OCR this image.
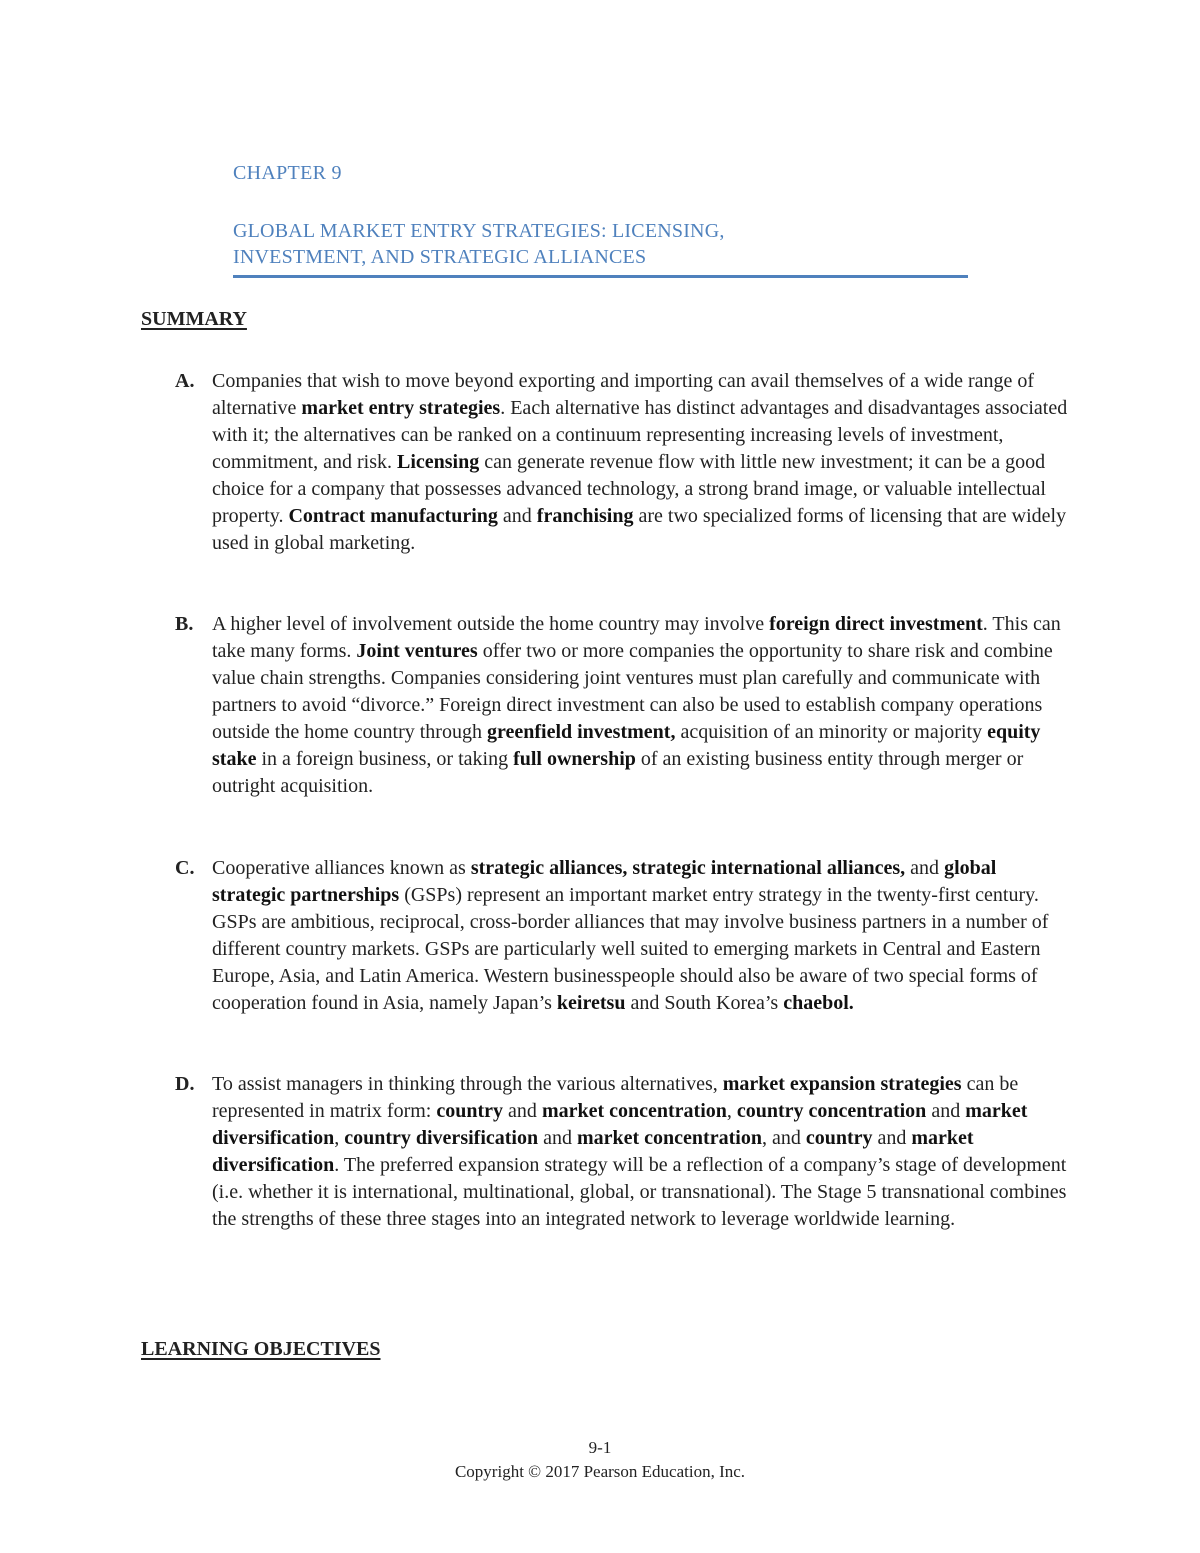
CHAPTER 9
GLOBAL MARKET ENTRY STRATEGIES: LICENSING,
INVESTMENT, AND STRATEGIC ALLIANCES
SUMMARY
A. Companies that wish to move beyond exporting and importing can avail themselves of a wide range of alternative market entry strategies. Each alternative has distinct advantages and disadvantages associated with it; the alternatives can be ranked on a continuum representing increasing levels of investment, commitment, and risk. Licensing can generate revenue flow with little new investment; it can be a good choice for a company that possesses advanced technology, a strong brand image, or valuable intellectual property. Contract manufacturing and franchising are two specialized forms of licensing that are widely used in global marketing.
B. A higher level of involvement outside the home country may involve foreign direct investment. This can take many forms. Joint ventures offer two or more companies the opportunity to share risk and combine value chain strengths. Companies considering joint ventures must plan carefully and communicate with partners to avoid “divorce.” Foreign direct investment can also be used to establish company operations outside the home country through greenfield investment, acquisition of an minority or majority equity stake in a foreign business, or taking full ownership of an existing business entity through merger or outright acquisition.
C. Cooperative alliances known as strategic alliances, strategic international alliances, and global strategic partnerships (GSPs) represent an important market entry strategy in the twenty-first century. GSPs are ambitious, reciprocal, cross-border alliances that may involve business partners in a number of different country markets. GSPs are particularly well suited to emerging markets in Central and Eastern Europe, Asia, and Latin America. Western businesspeople should also be aware of two special forms of cooperation found in Asia, namely Japan’s keiretsu and South Korea’s chaebol.
D. To assist managers in thinking through the various alternatives, market expansion strategies can be represented in matrix form: country and market concentration, country concentration and market diversification, country diversification and market concentration, and country and market diversification. The preferred expansion strategy will be a reflection of a company’s stage of development (i.e. whether it is international, multinational, global, or transnational). The Stage 5 transnational combines the strengths of these three stages into an integrated network to leverage worldwide learning.
LEARNING OBJECTIVES
9-1
Copyright © 2017 Pearson Education, Inc.
